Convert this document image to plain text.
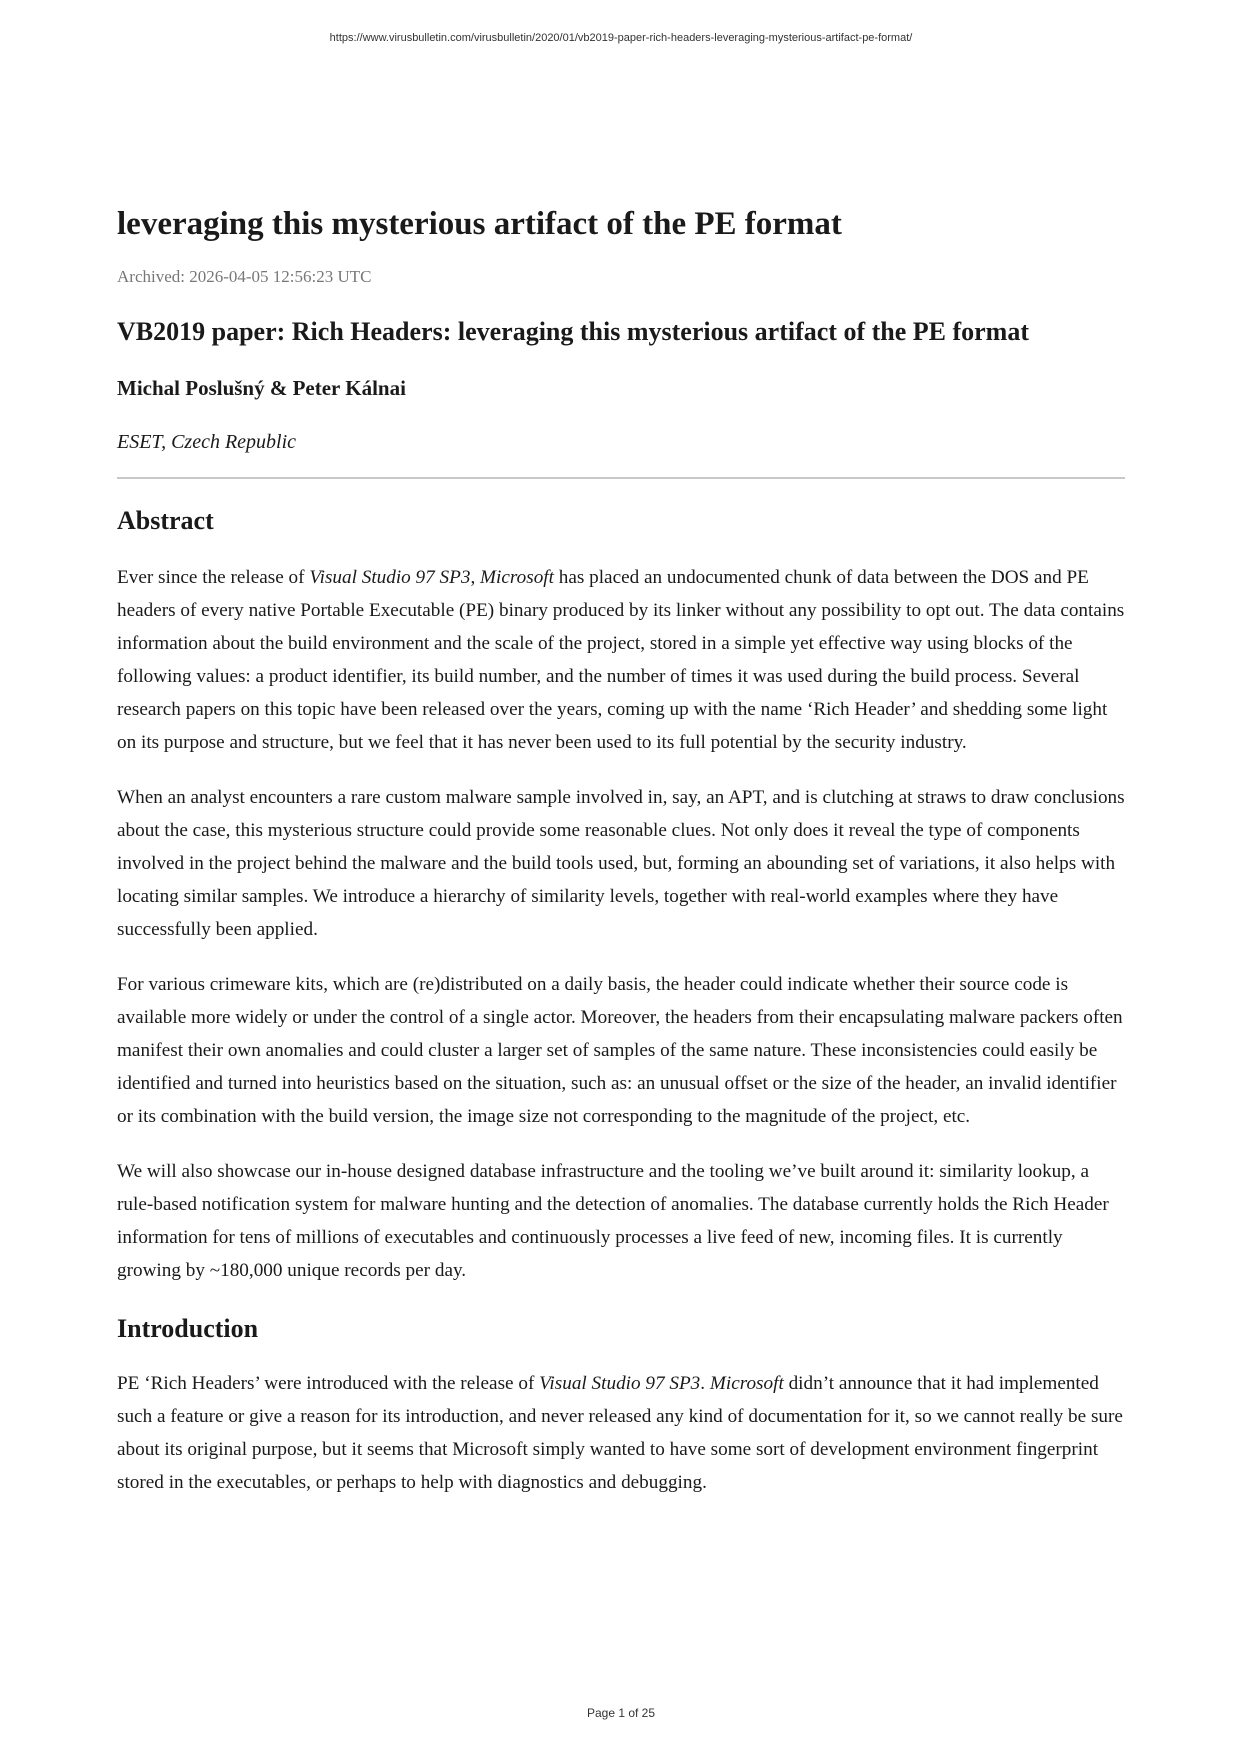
https://www.virusbulletin.com/virusbulletin/2020/01/vb2019-paper-rich-headers-leveraging-mysterious-artifact-pe-format/
leveraging this mysterious artifact of the PE format
Archived: 2026-04-05 12:56:23 UTC
VB2019 paper: Rich Headers: leveraging this mysterious artifact of the PE format
Michal Poslušný & Peter Kálnai
ESET, Czech Republic
Abstract

Ever since the release of Visual Studio 97 SP3, Microsoft has placed an undocumented chunk of data between the DOS and PE headers of every native Portable Executable (PE) binary produced by its linker without any possibility to opt out. The data contains information about the build environment and the scale of the project, stored in a simple yet effective way using blocks of the following values: a product identifier, its build number, and the number of times it was used during the build process. Several research papers on this topic have been released over the years, coming up with the name ‘Rich Header’ and shedding some light on its purpose and structure, but we feel that it has never been used to its full potential by the security industry.

When an analyst encounters a rare custom malware sample involved in, say, an APT, and is clutching at straws to draw conclusions about the case, this mysterious structure could provide some reasonable clues. Not only does it reveal the type of components involved in the project behind the malware and the build tools used, but, forming an abounding set of variations, it also helps with locating similar samples. We introduce a hierarchy of similarity levels, together with real-world examples where they have successfully been applied.

For various crimeware kits, which are (re)distributed on a daily basis, the header could indicate whether their source code is available more widely or under the control of a single actor. Moreover, the headers from their encapsulating malware packers often manifest their own anomalies and could cluster a larger set of samples of the same nature. These inconsistencies could easily be identified and turned into heuristics based on the situation, such as: an unusual offset or the size of the header, an invalid identifier or its combination with the build version, the image size not corresponding to the magnitude of the project, etc.

We will also showcase our in-house designed database infrastructure and the tooling we’ve built around it: similarity lookup, a rule-based notification system for malware hunting and the detection of anomalies. The database currently holds the Rich Header information for tens of millions of executables and continuously processes a live feed of new, incoming files. It is currently growing by ~180,000 unique records per day.

Introduction

PE ‘Rich Headers’ were introduced with the release of Visual Studio 97 SP3. Microsoft didn’t announce that it had implemented such a feature or give a reason for its introduction, and never released any kind of documentation for it, so we cannot really be sure about its original purpose, but it seems that Microsoft simply wanted to have some sort of development environment fingerprint stored in the executables, or perhaps to help with diagnostics and debugging.

Page 1 of 25
